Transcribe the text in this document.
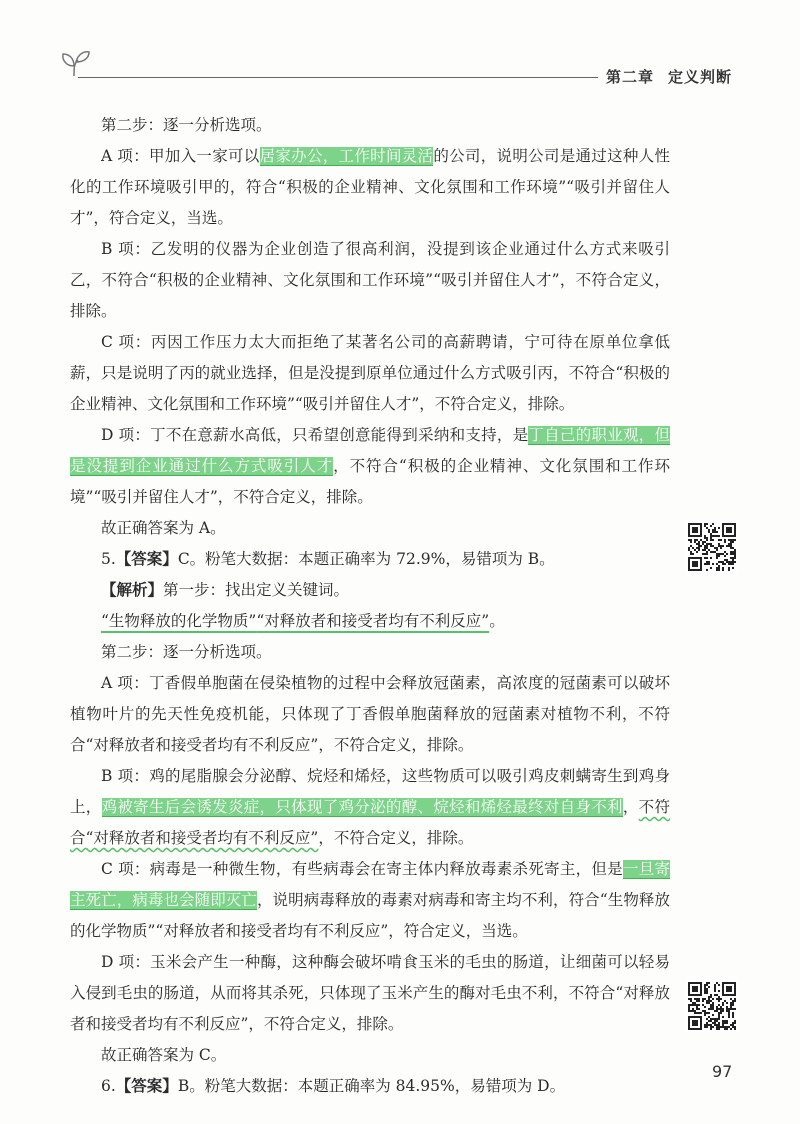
第二章 定义判断

第二步：逐一分析选项。

A 项：甲加入一家可以居家办公，工作时间灵活的公司，说明公司是通过这种人性化的工作环境吸引甲的，符合“积极的企业精神、文化氛围和工作环境”“吸引并留住人才”，符合定义，当选。

B 项：乙发明的仪器为企业创造了很高利润，没提到该企业通过什么方式来吸引乙，不符合“积极的企业精神、文化氛围和工作环境”“吸引并留住人才”，不符合定义，排除。

C 项：丙因工作压力太大而拒绝了某著名公司的高薪聘请，宁可待在原单位拿低薪，只是说明了丙的就业选择，但是没提到原单位通过什么方式吸引丙，不符合“积极的企业精神、文化氛围和工作环境”“吸引并留住人才”，不符合定义，排除。

D 项：丁不在意薪水高低，只希望创意能得到采纳和支持，是丁自己的职业观，但是没提到企业通过什么方式吸引人才，不符合“积极的企业精神、文化氛围和工作环境”“吸引并留住人才”，不符合定义，排除。

故正确答案为 A。

5.【答案】C。粉笔大数据：本题正确率为 72.9%，易错项为 B。

【解析】第一步：找出定义关键词。

“生物释放的化学物质”“对释放者和接受者均有不利反应”。

第二步：逐一分析选项。

A 项：丁香假单胞菌在侵染植物的过程中会释放冠菌素，高浓度的冠菌素可以破坏植物叶片的先天性免疫机能，只体现了丁香假单胞菌释放的冠菌素对植物不利，不符合“对释放者和接受者均有不利反应”，不符合定义，排除。

B 项：鸡的尾脂腺会分泌醇、烷烃和烯烃，这些物质可以吸引鸡皮刺螨寄生到鸡身上，鸡被寄生后会诱发炎症，只体现了鸡分泌的醇、烷烃和烯烃最终对自身不利，不符合“对释放者和接受者均有不利反应”，不符合定义，排除。

C 项：病毒是一种微生物，有些病毒会在寄主体内释放毒素杀死寄主，但是一旦寄主死亡，病毒也会随即灭亡，说明病毒释放的毒素对病毒和寄主均不利，符合“生物释放的化学物质”“对释放者和接受者均有不利反应”，符合定义，当选。

D 项：玉米会产生一种酶，这种酶会破坏啃食玉米的毛虫的肠道，让细菌可以轻易入侵到毛虫的肠道，从而将其杀死，只体现了玉米产生的酶对毛虫不利，不符合“对释放者和接受者均有不利反应”，不符合定义，排除。

故正确答案为 C。

6.【答案】B。粉笔大数据：本题正确率为 84.95%，易错项为 D。

97
